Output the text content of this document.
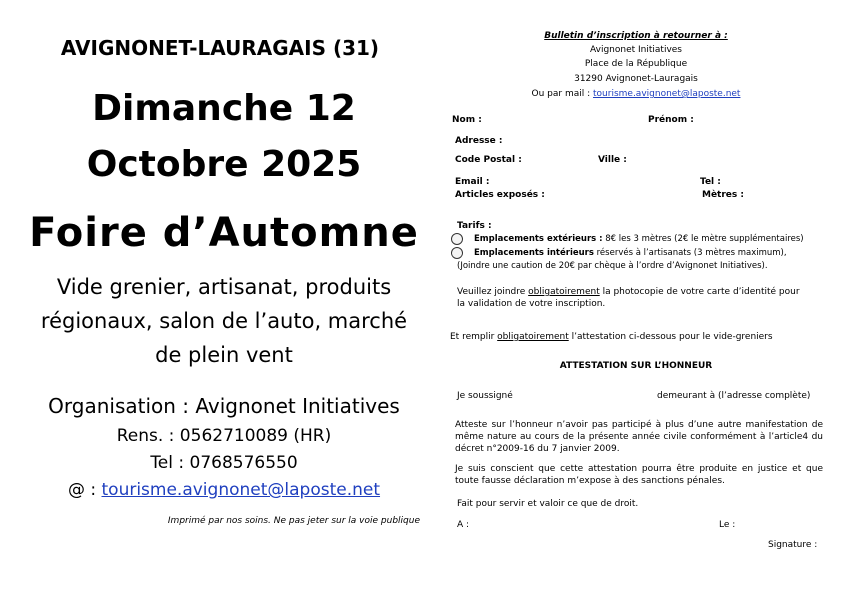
AVIGNONET-LAURAGAIS (31)
Dimanche 12
Octobre 2025
Foire d’Automne
Vide grenier, artisanat, produits
régionaux, salon de l’auto, marché
de plein vent
Organisation : Avignonet Initiatives
Rens. : 0562710089 (HR)
Tel : 0768576550
@ : tourisme.avignonet@laposte.net
Imprimé par nos soins. Ne pas jeter sur la voie publique
Bulletin d’inscription à retourner à :
Avignonet Initiatives
Place de la République
31290 Avignonet-Lauragais
Ou par mail : tourisme.avignonet@laposte.net
Nom :	Prénom :
Adresse :
Code Postal :	Ville :
Email :	Tel :
Articles exposés :	Mètres :
Tarifs :
Emplacements extérieurs : 8€ les 3 mètres (2€ le mètre supplémentaires)
Emplacements intérieurs réservés à l’artisanats (3 mètres maximum),
(Joindre une caution de 20€ par chèque à l’ordre d’Avignonet Initiatives).
Veuillez joindre obligatoirement la photocopie de votre carte d’identité pour
la validation de votre inscription.
Et remplir obligatoirement l’attestation ci-dessous pour le vide-greniers
ATTESTATION SUR L’HONNEUR
Je soussigné	demeurant à (l’adresse complète)
Atteste sur l’honneur n’avoir pas participé à plus d’une autre manifestation de même nature au cours de la présente année civile conformément à l’article4 du décret n°2009-16 du 7 janvier 2009.
Je suis conscient que cette attestation pourra être produite en justice et que toute fausse déclaration m’expose à des sanctions pénales.
Fait pour servir et valoir ce que de droit.
A :	Le :
Signature :
